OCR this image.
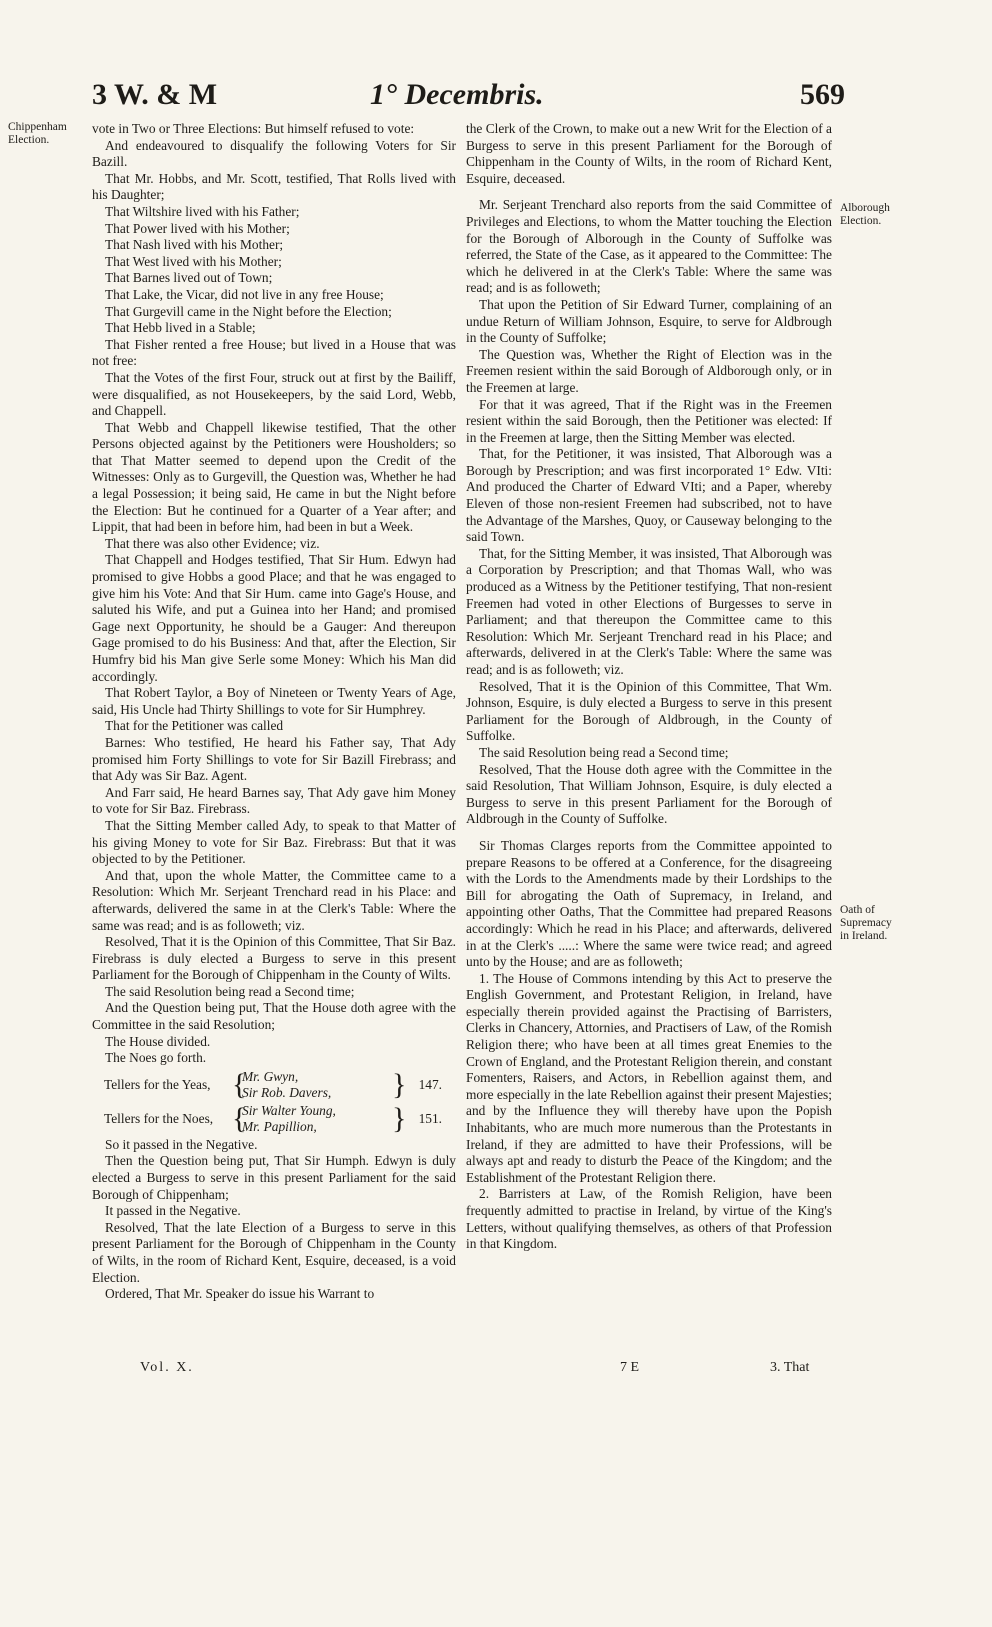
3 W. & M	1° Decembris.	569
Chippenham
Election.
Alborough
Election.
Oath of
Supremacy
in Ireland.

vote in Two or Three Elections: But himself refused to vote:

And endeavoured to disqualify the following Voters for Sir Bazill.

That Mr. Hobbs, and Mr. Scott, testified, That Rolls lived with his Daughter;

That Wiltshire lived with his Father;

That Power lived with his Mother;

That Nash lived with his Mother;

That West lived with his Mother;

That Barnes lived out of Town;

That Lake, the Vicar, did not live in any free House;

That Gurgevill came in the Night before the Election;

That Hebb lived in a Stable;

That Fisher rented a free House; but lived in a House that was not free:

That the Votes of the first Four, struck out at first by the Bailiff, were disqualified, as not Housekeepers, by the said Lord, Webb, and Chappell.

That Webb and Chappell likewise testified, That the other Persons objected against by the Petitioners were Housholders; so that That Matter seemed to depend upon the Credit of the Witnesses: Only as to Gurgevill, the Question was, Whether he had a legal Possession; it being said, He came in but the Night before the Election: But he continued for a Quarter of a Year after; and Lippit, that had been in before him, had been in but a Week.

That there was also other Evidence; viz.

That Chappell and Hodges testified, That Sir Hum. Edwyn had promised to give Hobbs a good Place; and that he was engaged to give him his Vote: And that Sir Hum. came into Gage's House, and saluted his Wife, and put a Guinea into her Hand; and promised Gage next Opportunity, he should be a Gauger: And thereupon Gage promised to do his Business: And that, after the Election, Sir Humfry bid his Man give Serle some Money: Which his Man did accordingly.

That Robert Taylor, a Boy of Nineteen or Twenty Years of Age, said, His Uncle had Thirty Shillings to vote for Sir Humphrey.

That for the Petitioner was called

Barnes: Who testified, He heard his Father say, That Ady promised him Forty Shillings to vote for Sir Bazill Firebrass; and that Ady was Sir Baz. Agent.

And Farr said, He heard Barnes say, That Ady gave him Money to vote for Sir Baz. Firebrass.

That the Sitting Member called Ady, to speak to that Matter of his giving Money to vote for Sir Baz. Firebrass: But that it was objected to by the Petitioner.

And that, upon the whole Matter, the Committee came to a Resolution: Which Mr. Serjeant Trenchard read in his Place: and afterwards, delivered the same in at the Clerk's Table: Where the same was read; and is as followeth; viz.

Resolved, That it is the Opinion of this Committee, That Sir Baz. Firebrass is duly elected a Burgess to serve in this present Parliament for the Borough of Chippenham in the County of Wilts.

The said Resolution being read a Second time;

And the Question being put, That the House doth agree with the Committee in the said Resolution;

The House divided.

The Noes go forth.

Tellers for the Yeas, {
Mr. Gwyn,
Sir Rob. Davers,	} 147.
Tellers for the Noes, {
Sir Walter Young,
Mr. Papillion,	} 151.

So it passed in the Negative.

Then the Question being put, That Sir Humph. Edwyn is duly elected a Burgess to serve in this present Parliament for the said Borough of Chippenham;

It passed in the Negative.

Resolved, That the late Election of a Burgess to serve in this present Parliament for the Borough of Chippenham in the County of Wilts, in the room of Richard Kent, Esquire, deceased, is a void Election.

Ordered, That Mr. Speaker do issue his Warrant to

the Clerk of the Crown, to make out a new Writ for the Election of a Burgess to serve in this present Parliament for the Borough of Chippenham in the County of Wilts, in the room of Richard Kent, Esquire, deceased.

Mr. Serjeant Trenchard also reports from the said Committee of Privileges and Elections, to whom the Matter touching the Election for the Borough of Alborough in the County of Suffolke was referred, the State of the Case, as it appeared to the Committee: The which he delivered in at the Clerk's Table: Where the same was read; and is as followeth;

That upon the Petition of Sir Edward Turner, complaining of an undue Return of William Johnson, Esquire, to serve for Aldbrough in the County of Suffolke;

The Question was, Whether the Right of Election was in the Freemen resient within the said Borough of Aldborough only, or in the Freemen at large.

For that it was agreed, That if the Right was in the Freemen resient within the said Borough, then the Petitioner was elected: If in the Freemen at large, then the Sitting Member was elected.

That, for the Petitioner, it was insisted, That Alborough was a Borough by Prescription; and was first incorporated 1° Edw. VIti: And produced the Charter of Edward VIti; and a Paper, whereby Eleven of those non-resient Freemen had subscribed, not to have the Advantage of the Marshes, Quoy, or Causeway belonging to the said Town.

That, for the Sitting Member, it was insisted, That Alborough was a Corporation by Prescription; and that Thomas Wall, who was produced as a Witness by the Petitioner testifying, That non-resient Freemen had voted in other Elections of Burgesses to serve in Parliament; and that thereupon the Committee came to this Resolution: Which Mr. Serjeant Trenchard read in his Place; and afterwards, delivered in at the Clerk's Table: Where the same was read; and is as followeth; viz.

Resolved, That it is the Opinion of this Committee, That Wm. Johnson, Esquire, is duly elected a Burgess to serve in this present Parliament for the Borough of Aldbrough, in the County of Suffolke.

The said Resolution being read a Second time;

Resolved, That the House doth agree with the Committee in the said Resolution, That William Johnson, Esquire, is duly elected a Burgess to serve in this present Parliament for the Borough of Aldbrough in the County of Suffolke.

Sir Thomas Clarges reports from the Committee appointed to prepare Reasons to be offered at a Conference, for the disagreeing with the Lords to the Amendments made by their Lordships to the Bill for abrogating the Oath of Supremacy, in Ireland, and appointing other Oaths, That the Committee had prepared Reasons accordingly: Which he read in his Place; and afterwards, delivered in at the Clerk's .....: Where the same were twice read; and agreed unto by the House; and are as followeth;

1. The House of Commons intending by this Act to preserve the English Government, and Protestant Religion, in Ireland, have especially therein provided against the Practising of Barristers, Clerks in Chancery, Attornies, and Practisers of Law, of the Romish Religion there; who have been at all times great Enemies to the Crown of England, and the Protestant Religion therein, and constant Fomenters, Raisers, and Actors, in Rebellion against them, and more especially in the late Rebellion against their present Majesties; and by the Influence they will thereby have upon the Popish Inhabitants, who are much more numerous than the Protestants in Ireland, if they are admitted to have their Professions, will be always apt and ready to disturb the Peace of the Kingdom; and the Establishment of the Protestant Religion there.

2. Barristers at Law, of the Romish Religion, have been frequently admitted to practise in Ireland, by virtue of the King's Letters, without qualifying themselves, as others of that Profession in that Kingdom.

Vol. X.	7 E	3. That
